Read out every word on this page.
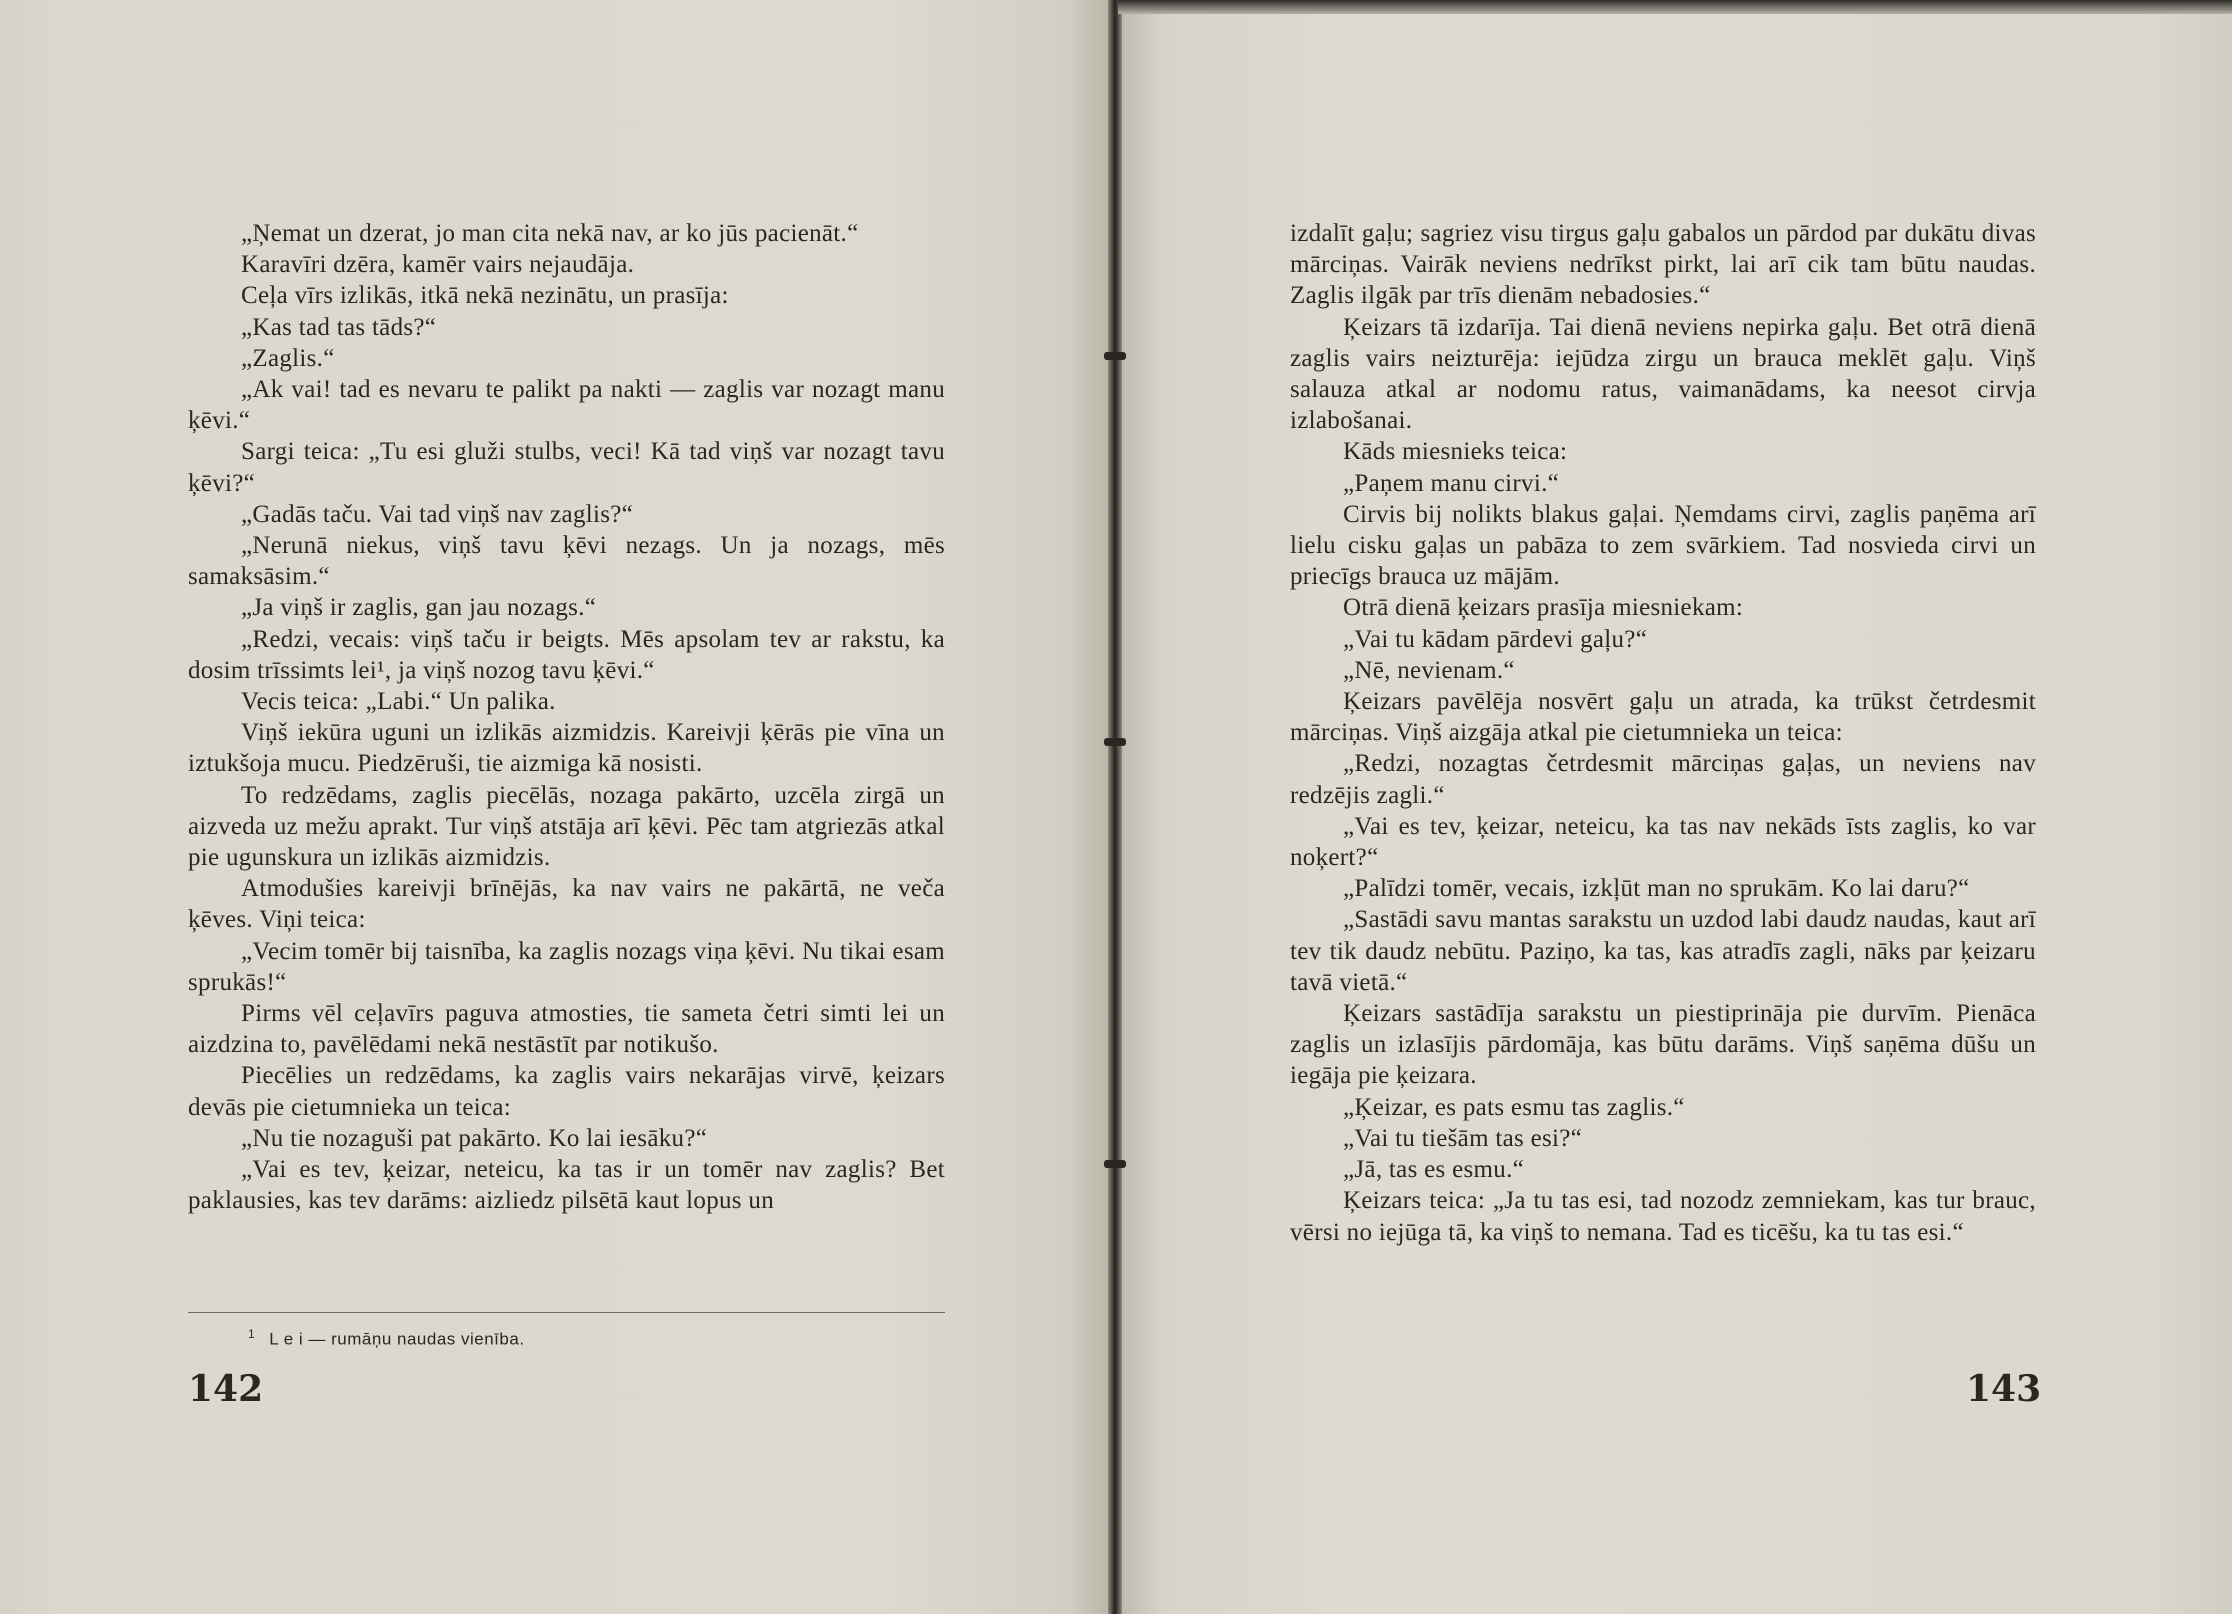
„Ņemat un dzerat, jo man cita nekā nav, ar ko jūs pacienāt.“

Karavīri dzēra, kamēr vairs nejaudāja.

Ceļa vīrs izlikās, itkā nekā nezinātu, un prasīja:

„Kas tad tas tāds?“

„Zaglis.“

„Ak vai! tad es nevaru te palikt pa nakti — zaglis var nozagt manu ķēvi.“

Sargi teica: „Tu esi gluži stulbs, veci! Kā tad viņš var nozagt tavu ķēvi?“

„Gadās taču. Vai tad viņš nav zaglis?“

„Nerunā niekus, viņš tavu ķēvi nezags. Un ja nozags, mēs samaksāsim.“

„Ja viņš ir zaglis, gan jau nozags.“

„Redzi, vecais: viņš taču ir beigts. Mēs apsolam tev ar rakstu, ka dosim trīssimts lei¹, ja viņš nozog tavu ķēvi.“

Vecis teica: „Labi.“ Un palika.

Viņš iekūra uguni un izlikās aizmidzis. Kareivji ķērās pie vīna un iztukšoja mucu. Piedzēruši, tie aizmiga kā nosisti.

To redzēdams, zaglis piecēlās, nozaga pakārto, uzcēla zirgā un aizveda uz mežu aprakt. Tur viņš atstāja arī ķēvi. Pēc tam atgriezās atkal pie ugunskura un izlikās aizmidzis.

Atmodušies kareivji brīnējās, ka nav vairs ne pakārtā, ne veča ķēves. Viņi teica:

„Vecim tomēr bij taisnība, ka zaglis nozags viņa ķēvi. Nu tikai esam sprukās!“

Pirms vēl ceļavīrs paguva atmosties, tie sameta četri simti lei un aizdzina to, pavēlēdami nekā nestāstīt par notikušo.

Piecēlies un redzēdams, ka zaglis vairs nekarājas virvē, ķeizars devās pie cietumnieka un teica:

„Nu tie nozaguši pat pakārto. Ko lai iesāku?“

„Vai es tev, ķeizar, neteicu, ka tas ir un tomēr nav zaglis? Bet paklausies, kas tev darāms: aizliedz pilsētā kaut lopus un

$^1$ L e i — rumāņu naudas vienība.
142

izdalīt gaļu; sagriez visu tirgus gaļu gabalos un pārdod par dukātu divas mārciņas. Vairāk neviens nedrīkst pirkt, lai arī cik tam būtu naudas. Zaglis ilgāk par trīs dienām nebadosies.“

Ķeizars tā izdarīja. Tai dienā neviens nepirka gaļu. Bet otrā dienā zaglis vairs neizturēja: iejūdza zirgu un brauca meklēt gaļu. Viņš salauza atkal ar nodomu ratus, vaimanādams, ka neesot cirvja izlabošanai.

Kāds miesnieks teica:

„Paņem manu cirvi.“

Cirvis bij nolikts blakus gaļai. Ņemdams cirvi, zaglis paņēma arī lielu cisku gaļas un pabāza to zem svārkiem. Tad nosvieda cirvi un priecīgs brauca uz mājām.

Otrā dienā ķeizars prasīja miesniekam:

„Vai tu kādam pārdevi gaļu?“

„Nē, nevienam.“

Ķeizars pavēlēja nosvērt gaļu un atrada, ka trūkst četrdesmit mārciņas. Viņš aizgāja atkal pie cietumnieka un teica:

„Redzi, nozagtas četrdesmit mārciņas gaļas, un neviens nav redzējis zagli.“

„Vai es tev, ķeizar, neteicu, ka tas nav nekāds īsts zaglis, ko var noķert?“

„Palīdzi tomēr, vecais, izkļūt man no sprukām. Ko lai daru?“

„Sastādi savu mantas sarakstu un uzdod labi daudz naudas, kaut arī tev tik daudz nebūtu. Paziņo, ka tas, kas atradīs zagli, nāks par ķeizaru tavā vietā.“

Ķeizars sastādīja sarakstu un piestiprināja pie durvīm. Pienāca zaglis un izlasījis pārdomāja, kas būtu darāms. Viņš saņēma dūšu un iegāja pie ķeizara.

„Ķeizar, es pats esmu tas zaglis.“

„Vai tu tiešām tas esi?“

„Jā, tas es esmu.“

Ķeizars teica: „Ja tu tas esi, tad nozodz zemniekam, kas tur brauc, vērsi no iejūga tā, ka viņš to nemana. Tad es ticēšu, ka tu tas esi.“

143
